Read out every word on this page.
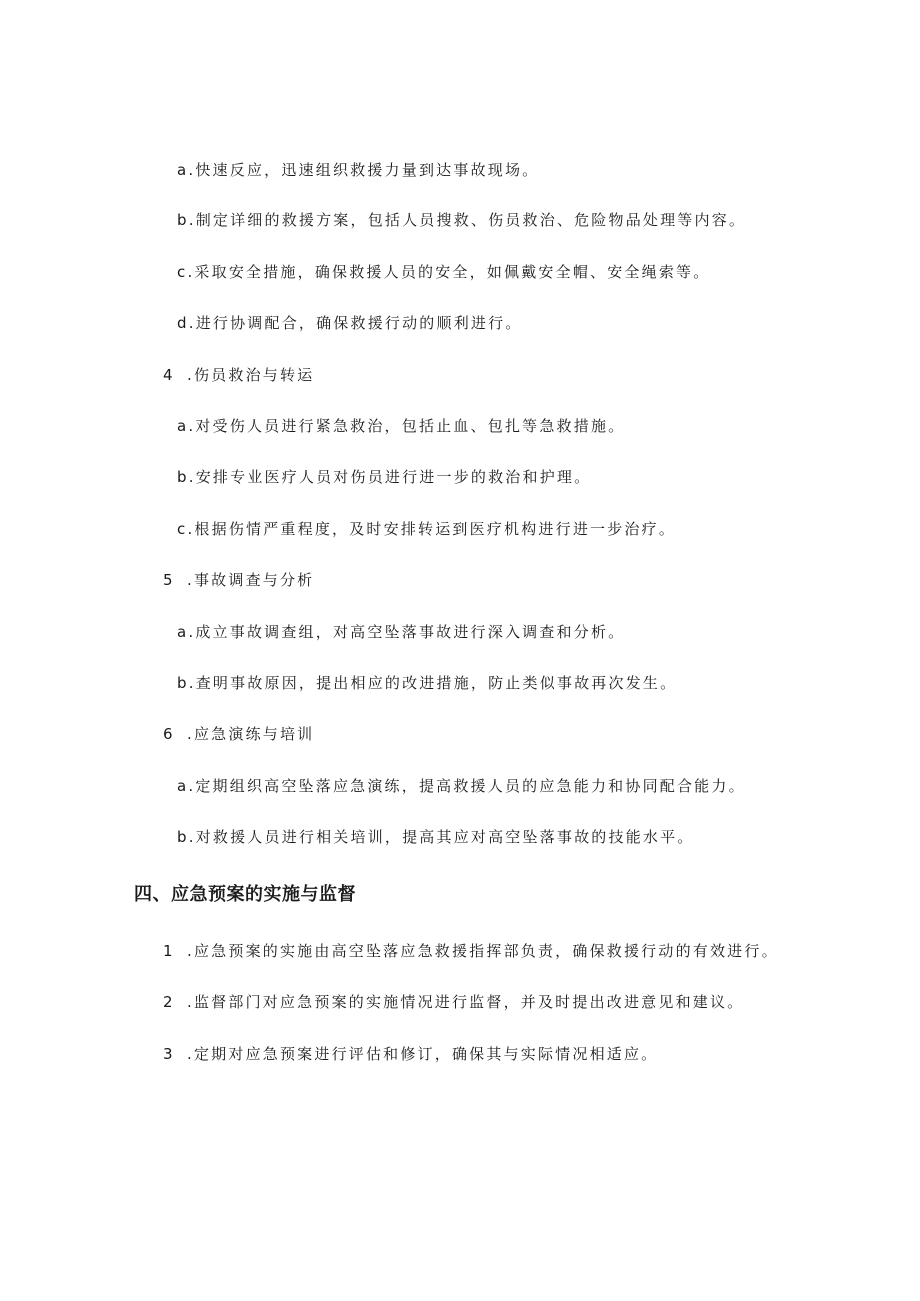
a.快速反应，迅速组织救援力量到达事故现场。
b.制定详细的救援方案，包括人员搜救、伤员救治、危险物品处理等内容。
c.采取安全措施，确保救援人员的安全，如佩戴安全帽、安全绳索等。
d.进行协调配合，确保救援行动的顺利进行。
4 .伤员救治与转运
a.对受伤人员进行紧急救治，包括止血、包扎等急救措施。
b.安排专业医疗人员对伤员进行进一步的救治和护理。
c.根据伤情严重程度，及时安排转运到医疗机构进行进一步治疗。
5 .事故调查与分析
a.成立事故调查组，对高空坠落事故进行深入调查和分析。
b.查明事故原因，提出相应的改进措施，防止类似事故再次发生。
6 .应急演练与培训
a.定期组织高空坠落应急演练，提高救援人员的应急能力和协同配合能力。
b.对救援人员进行相关培训，提高其应对高空坠落事故的技能水平。
四、应急预案的实施与监督
1 .应急预案的实施由高空坠落应急救援指挥部负责，确保救援行动的有效进行。
2 .监督部门对应急预案的实施情况进行监督，并及时提出改进意见和建议。
3 .定期对应急预案进行评估和修订，确保其与实际情况相适应。
